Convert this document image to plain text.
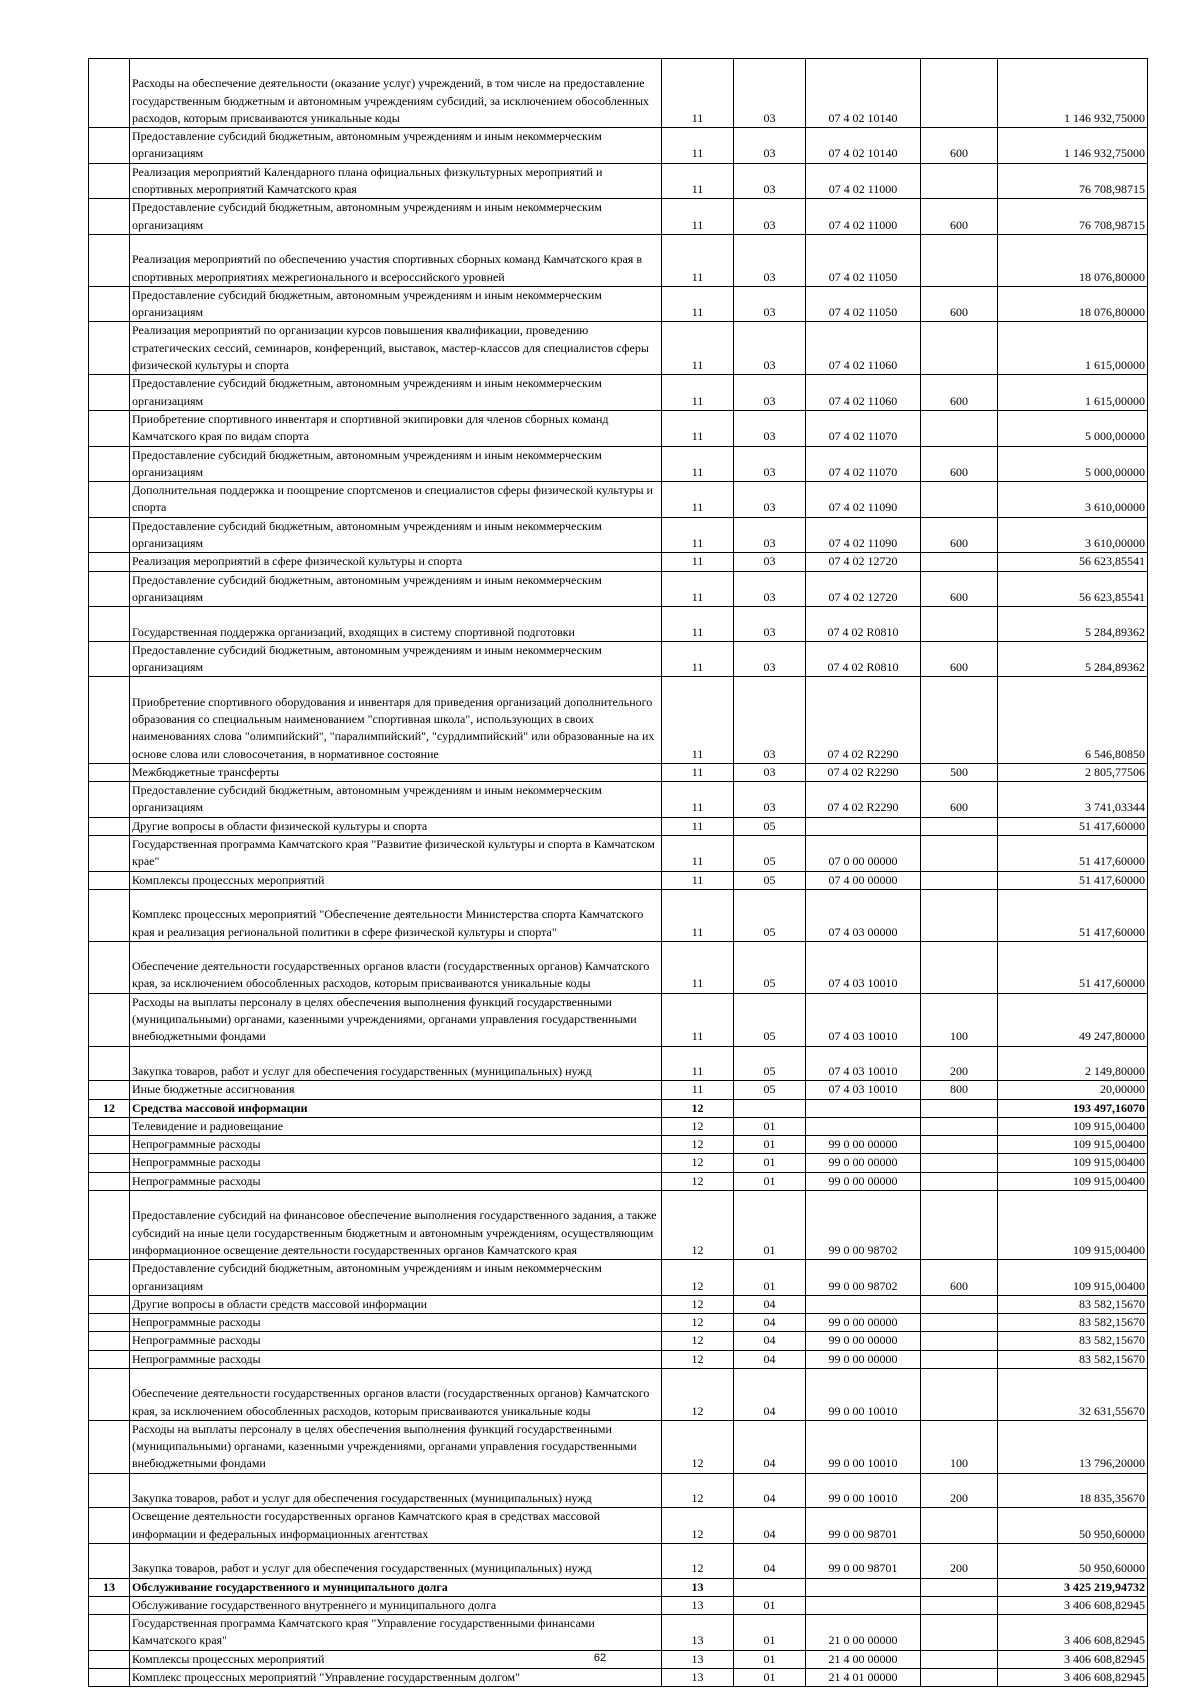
	Расходы на обеспечение деятельности (оказание услуг) учреждений, в том числе на предоставление государственным бюджетным и автономным учреждениям субсидий, за исключением обособленных расходов, которым присваиваются уникальные коды	11	03	07 4 02 10140		1 146 932,75000
	Предоставление субсидий бюджетным, автономным учреждениям и иным некоммерческим организациям	11	03	07 4 02 10140	600	1 146 932,75000
	Реализация мероприятий Календарного плана официальных физкультурных мероприятий и спортивных мероприятий Камчатского края	11	03	07 4 02 11000		76 708,98715
	Предоставление субсидий бюджетным, автономным учреждениям и иным некоммерческим организациям	11	03	07 4 02 11000	600	76 708,98715
	Реализация мероприятий по обеспечению участия спортивных сборных команд Камчатского края в спортивных мероприятиях межрегионального и всероссийского уровней	11	03	07 4 02 11050		18 076,80000
	Предоставление субсидий бюджетным, автономным учреждениям и иным некоммерческим организациям	11	03	07 4 02 11050	600	18 076,80000
	Реализация мероприятий по организации курсов повышения квалификации, проведению стратегических сессий, семинаров, конференций, выставок, мастер-классов для специалистов сферы физической культуры и спорта	11	03	07 4 02 11060		1 615,00000
	Предоставление субсидий бюджетным, автономным учреждениям и иным некоммерческим организациям	11	03	07 4 02 11060	600	1 615,00000
	Приобретение спортивного инвентаря и спортивной экипировки для членов сборных команд Камчатского края по видам спорта	11	03	07 4 02 11070		5 000,00000
	Предоставление субсидий бюджетным, автономным учреждениям и иным некоммерческим организациям	11	03	07 4 02 11070	600	5 000,00000
	Дополнительная поддержка и поощрение спортсменов и специалистов сферы физической культуры и спорта	11	03	07 4 02 11090		3 610,00000
	Предоставление субсидий бюджетным, автономным учреждениям и иным некоммерческим организациям	11	03	07 4 02 11090	600	3 610,00000
	Реализация мероприятий в сфере физической культуры и спорта	11	03	07 4 02 12720		56 623,85541
	Предоставление субсидий бюджетным, автономным учреждениям и иным некоммерческим организациям	11	03	07 4 02 12720	600	56 623,85541
	Государственная поддержка организаций, входящих в систему спортивной подготовки	11	03	07 4 02 R0810		5 284,89362
	Предоставление субсидий бюджетным, автономным учреждениям и иным некоммерческим организациям	11	03	07 4 02 R0810	600	5 284,89362
	Приобретение спортивного оборудования и инвентаря для приведения организаций дополнительного образования со специальным наименованием "спортивная школа", использующих в своих наименованиях слова "олимпийский", "паралимпийский", "сурдлимпийский" или образованные на их основе слова или словосочетания, в нормативное состояние	11	03	07 4 02 R2290		6 546,80850
	Межбюджетные трансферты	11	03	07 4 02 R2290	500	2 805,77506
	Предоставление субсидий бюджетным, автономным учреждениям и иным некоммерческим организациям	11	03	07 4 02 R2290	600	3 741,03344
	Другие вопросы в области физической культуры и спорта	11	05			51 417,60000
	Государственная программа Камчатского края "Развитие физической культуры и спорта в Камчатском крае"	11	05	07 0 00 00000		51 417,60000
	Комплексы процессных мероприятий	11	05	07 4 00 00000		51 417,60000
	Комплекс процессных мероприятий "Обеспечение деятельности Министерства спорта Камчатского края и реализация региональной политики в сфере физической культуры и спорта"	11	05	07 4 03 00000		51 417,60000
	Обеспечение деятельности государственных органов власти (государственных органов) Камчатского края, за исключением обособленных расходов, которым присваиваются уникальные коды	11	05	07 4 03 10010		51 417,60000
	Расходы на выплаты персоналу в целях обеспечения выполнения функций государственными (муниципальными) органами, казенными учреждениями, органами управления государственными внебюджетными фондами	11	05	07 4 03 10010	100	49 247,80000
	Закупка товаров, работ и услуг для обеспечения государственных (муниципальных) нужд	11	05	07 4 03 10010	200	2 149,80000
	Иные бюджетные ассигнования	11	05	07 4 03 10010	800	20,00000
12	Средства массовой информации	12				193 497,16070
	Телевидение и радиовещание	12	01			109 915,00400
	Непрограммные расходы	12	01	99 0 00 00000		109 915,00400
	Непрограммные расходы	12	01	99 0 00 00000		109 915,00400
	Непрограммные расходы	12	01	99 0 00 00000		109 915,00400
	Предоставление субсидий на финансовое обеспечение выполнения государственного задания, а также субсидий на иные цели государственным бюджетным и автономным учреждениям, осуществляющим информационное освещение деятельности государственных органов Камчатского края	12	01	99 0 00 98702		109 915,00400
	Предоставление субсидий бюджетным, автономным учреждениям и иным некоммерческим организациям	12	01	99 0 00 98702	600	109 915,00400
	Другие вопросы в области средств массовой информации	12	04			83 582,15670
	Непрограммные расходы	12	04	99 0 00 00000		83 582,15670
	Непрограммные расходы	12	04	99 0 00 00000		83 582,15670
	Непрограммные расходы	12	04	99 0 00 00000		83 582,15670
	Обеспечение деятельности государственных органов власти (государственных органов) Камчатского края, за исключением обособленных расходов, которым присваиваются уникальные коды	12	04	99 0 00 10010		32 631,55670
	Расходы на выплаты персоналу в целях обеспечения выполнения функций государственными (муниципальными) органами, казенными учреждениями, органами управления государственными внебюджетными фондами	12	04	99 0 00 10010	100	13 796,20000
	Закупка товаров, работ и услуг для обеспечения государственных (муниципальных) нужд	12	04	99 0 00 10010	200	18 835,35670
	Освещение деятельности государственных органов Камчатского края в средствах массовой информации и федеральных информационных агентствах	12	04	99 0 00 98701		50 950,60000
	Закупка товаров, работ и услуг для обеспечения государственных (муниципальных) нужд	12	04	99 0 00 98701	200	50 950,60000
13	Обслуживание государственного и муниципального долга	13				3 425 219,94732
	Обслуживание государственного внутреннего и муниципального долга	13	01			3 406 608,82945
	Государственная программа Камчатского края "Управление государственными финансами Камчатского края"	13	01	21 0 00 00000		3 406 608,82945
	Комплексы процессных мероприятий	13	01	21 4 00 00000		3 406 608,82945
	Комплекс процессных мероприятий "Управление государственным долгом"	13	01	21 4 01 00000		3 406 608,82945
62
